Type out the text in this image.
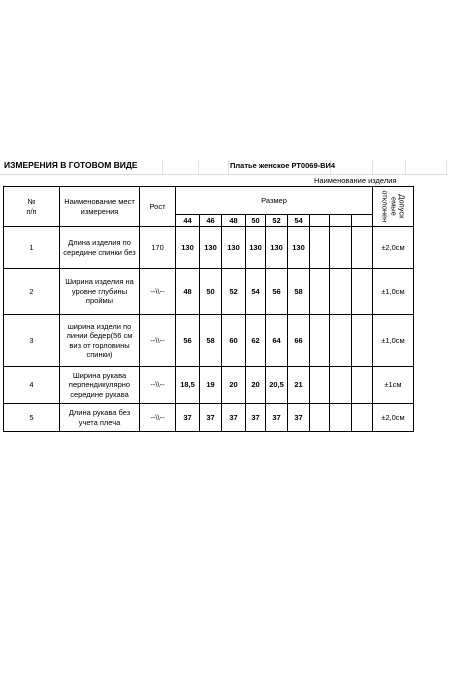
ИЗМЕРЕНИЯ В ГОТОВОМ ВИДЕ	Платье женское РТ0069-ВИ4
Наименование изделия
№
п/п	Наименование мест
измерения	Рост	Размер									Допуск
емые
отклонен

			44	46	48	50	52	54				
1	Длина изделия по
середине спинки без	170	130	130	130	130	130	130				±2,0см
2	Ширина изделия на
уровне глубины
проймы	--\\--	48	50	52	54	56	58				±1,0см
3	ширина издели по
линии бедер(56 см
виз от горловины
спинки)	--\\--	56	58	60	62	64	66				±1,0см
4	Ширина рукава
перпендикулярно
середине рукава	--\\--	18,5	19	20	20	20,5	21				±1см
5	Длина рукава без
учета плеча	--\\--	37	37	37	37	37	37				±2,0см
